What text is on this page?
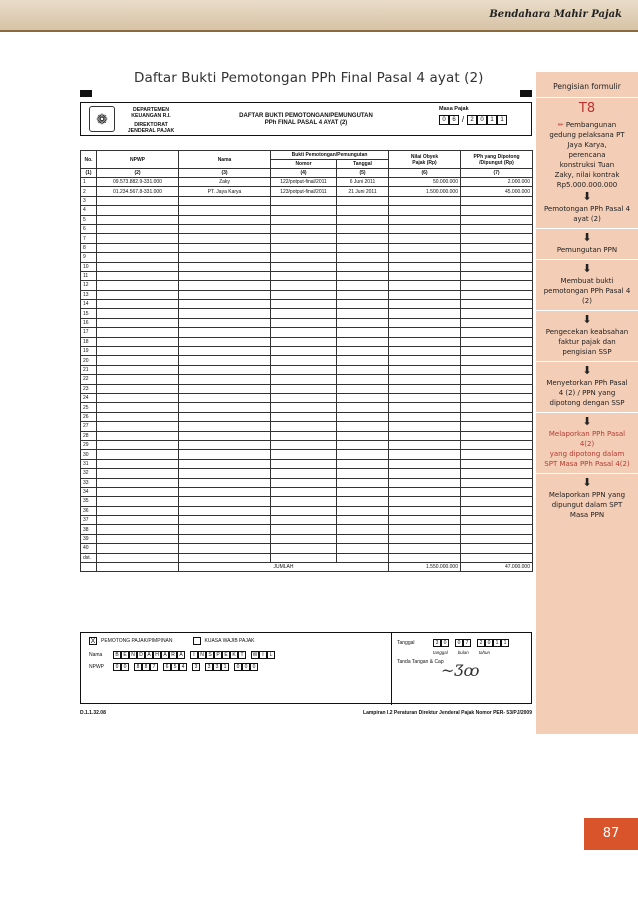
Bendahara Mahir Pajak
Daftar Bukti Pemotongan PPh Final Pasal 4 ayat (2)
❁
DEPARTEMEN
KEUANGAN R.I.
DIREKTORAT
JENDERAL PAJAK
DAFTAR BUKTI PEMOTONGAN/PEMUNGUTAN
PPh FINAL PASAL 4 AYAT (2)
Masa Pajak
0	6 /	2	0	1	1
No.	NPWP	Nama	Bukti Pemotongan/Pemungutan		Nilai Obyek
Pajak (Rp)	PPh yang Dipotong
/Dipungut (Rp)
			Nomor	Tanggal		
(1)	(2)	(3)	(4)	(5)	(6)	(7)
1	09.573.882.9-331.000	Zaky	122/potput-final/2011	6 Juni 2011	50.000.000	2.000.000
2	01.234.567.8-331.000	PT. Jaya Karya	123/potput-final/2011	21 Juni 2011	1.500.000.000	45.000.000
3						
4						
5						
6						
7						
8						
9						
10						
11						
12						
13						
14						
15						
16						
17						
18						
19						
20						
21						
22						
23						
24						
25						
26						
27						
28						
29						
30						
31						
32						
33						
34						
35						
36						
37						
38						
39						
40						
dst.						
		JUMLAH			1.550.000.000	47.000.000
X	PEMOTONG PAJAK/PIMPINAN	KUASA WAJIB PAJAK
Nama	B E N D A H A R A	I	N S P E K T	W I	L
NPWP	0	0	8	8	7	6	5	4	3	3	3	1	0	0	0
Tanggal	3	0	0	7	2	0	1	1
tanggal bulan tahun
Tanda Tangan & Cap
~Ʒꝏ
D.1.1.32.08	Lampiran I.2 Peraturan Direktur Jenderal Pajak Nomor PER- 53/PJ/2009
Pengisian formulir
T8
✏ Pembangunan
gedung pelaksana PT
Jaya Karya,
perencana
konstruksi Tuan
Zaky, nilai kontrak
Rp5.000.000.000
⬇
Pemotongan PPh Pasal 4
ayat (2)
⬇
Pemungutan PPN
⬇
Membuat bukti
pemotongan PPh Pasal 4
(2)
⬇
Pengecekan keabsahan
faktur pajak dan
pengisian SSP
⬇
Menyetorkan PPh Pasal
4 (2) / PPN yang
dipotong dengan SSP
⬇
Melaporkan PPh Pasal
4(2)
yang dipotong dalam
SPT Masa PPh Pasal 4(2)
⬇
Melaporkan PPN yang
dipungut dalam SPT
Masa PPN
87
